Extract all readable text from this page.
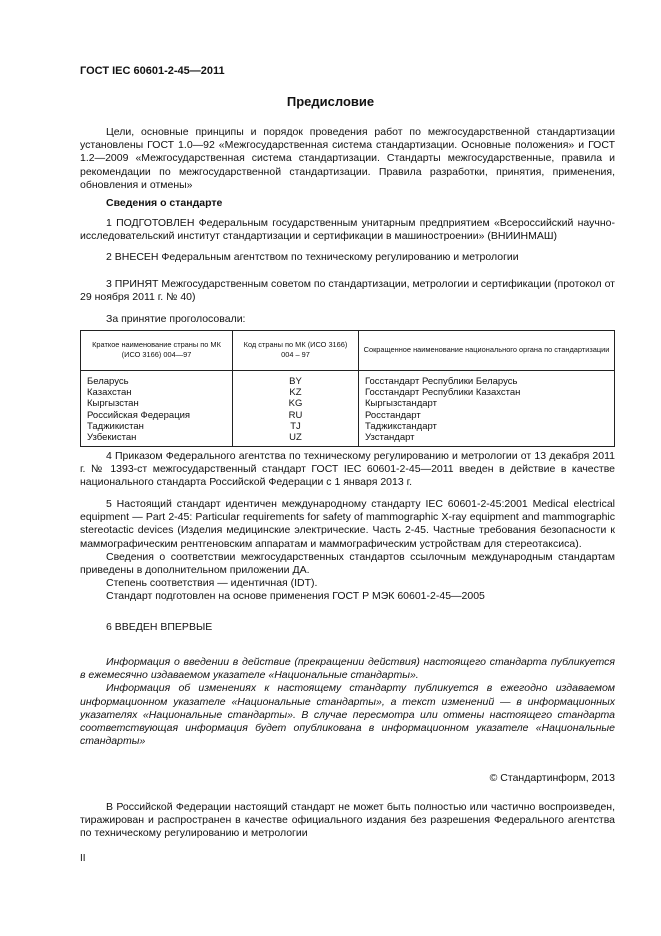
ГОСТ IEC 60601-2-45—2011
Предисловие

Цели, основные принципы и порядок проведения работ по межгосударственной стандартизации установлены ГОСТ 1.0—92 «Межгосударственная система стандартизации. Основные положения» и ГОСТ 1.2—2009 «Межгосударственная система стандартизации. Стандарты межгосударственные, правила и рекомендации по межгосударственной стандартизации. Правила разработки, принятия, применения, обновления и отмены»

Сведения о стандарте

1 ПОДГОТОВЛЕН Федеральным государственным унитарным предприятием «Всероссийский научно-исследовательский институт стандартизации и сертификации в машиностроении» (ВНИИНМАШ)

2 ВНЕСЕН Федеральным агентством по техническому регулированию и метрологии

3 ПРИНЯТ Межгосударственным советом по стандартизации, метрологии и сертификации (протокол от 29 ноября 2011 г. № 40)

За принятие проголосовали:

Краткое наименование страны по МК (ИСО 3166) 004—97	Код страны по МК (ИСО 3166) 004 – 97	Сокращенное наименование национального органа по стандартизации
Беларусь	BY	Госстандарт Республики Беларусь
Казахстан	KZ	Госстандарт Республики Казахстан
Кыргызстан	KG	Кыргызстандарт
Российская Федерация	RU	Росстандарт
Таджикистан	TJ	Таджикстандарт
Узбекистан	UZ	Узстандарт

4 Приказом Федерального агентства по техническому регулированию и метрологии от 13 декабря 2011 г. № 1393-ст межгосударственный стандарт ГОСТ IEC 60601-2-45—2011 введен в действие в качестве национального стандарта Российской Федерации с 1 января 2013 г.

5 Настоящий стандарт идентичен международному стандарту IEC 60601-2-45:2001 Medical electrical equipment — Part 2-45: Particular requirements for safety of mammographic X-ray equipment and mammographic stereotactic devices (Изделия медицинские электрические. Часть 2-45. Частные требования безопасности к маммографическим рентгеновским аппаратам и маммографическим устройствам для стереотаксиса).

Сведения о соответствии межгосударственных стандартов ссылочным международным стандартам приведены в дополнительном приложении ДА.

Степень соответствия — идентичная (IDT).

Стандарт подготовлен на основе применения ГОСТ Р МЭК 60601-2-45—2005

6 ВВЕДЕН ВПЕРВЫЕ

Информация о введении в действие (прекращении действия) настоящего стандарта публикуется в ежемесячно издаваемом указателе «Национальные стандарты».

Информация об изменениях к настоящему стандарту публикуется в ежегодно издаваемом информационном указателе «Национальные стандарты», а текст изменений — в информационных указателях «Национальные стандарты». В случае пересмотра или отмены настоящего стандарта соответствующая информация будет опубликована в информационном указателе «Национальные стандарты»

© Стандартинформ, 2013

В Российской Федерации настоящий стандарт не может быть полностью или частично воспроизведен, тиражирован и распространен в качестве официального издания без разрешения Федерального агентства по техническому регулированию и метрологии

II
